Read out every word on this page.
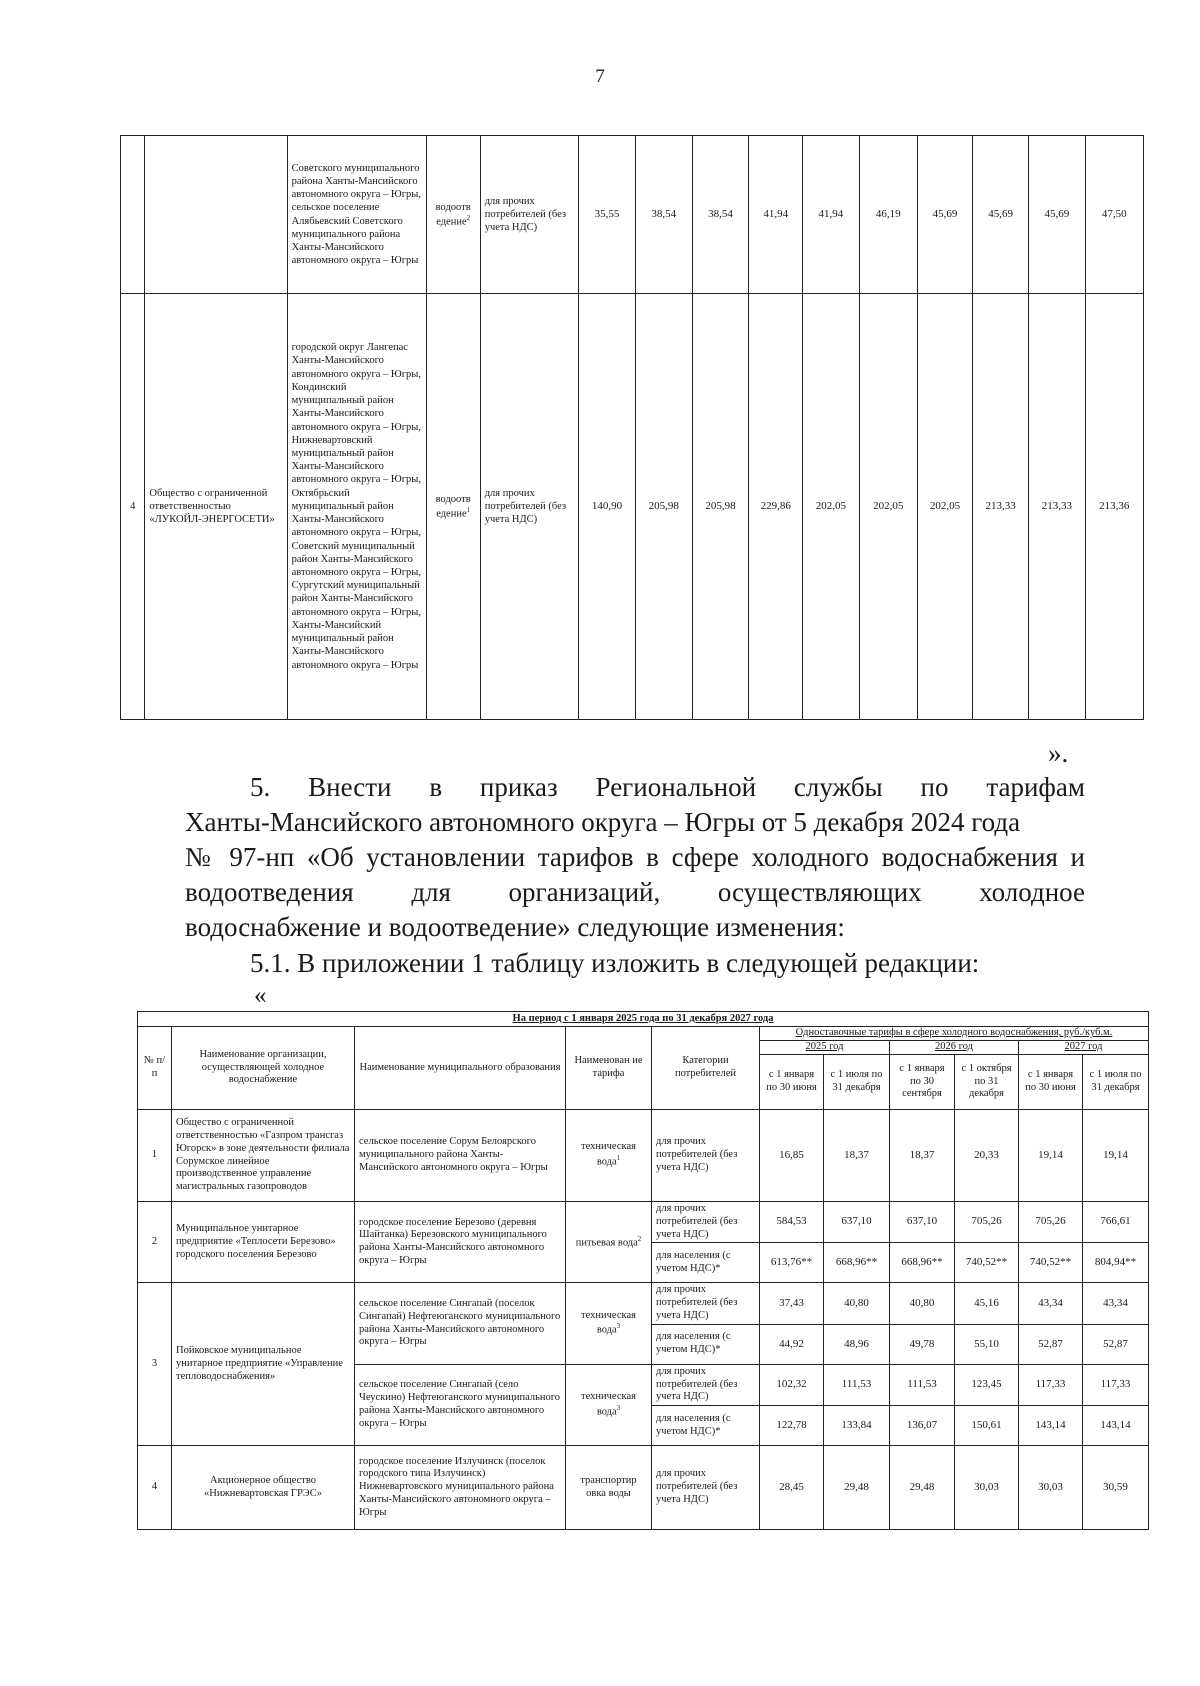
7
		Советского муниципального района Ханты-Мансийского автономного округа – Югры, сельское поселение Алябьевский Советского муниципального района Ханты-Мансийского автономного округа – Югры	водоотв едение$^2$	для прочих потребителей (без учета НДС)	35,55	38,54	38,54	41,94	41,94	46,19	45,69	45,69	45,69	47,50
4	Общество с ограниченной ответственностью «ЛУКОЙЛ-ЭНЕРГОСЕТИ»	городской округ Лангепас Ханты-Мансийского автономного округа – Югры, Кондинский муниципальный район Ханты-Мансийского автономного округа – Югры, Нижневартовский муниципальный район Ханты-Мансийского автономного округа – Югры, Октябрьский муниципальный район Ханты-Мансийского автономного округа – Югры, Советский муниципальный район Ханты-Мансийского автономного округа – Югры, Сургутский муниципальный район Ханты-Мансийского автономного округа – Югры, Ханты-Мансийский муниципальный район Ханты-Мансийского автономного округа – Югры	водоотв едение$^1$	для прочих потребителей (без учета НДС)	140,90	205,98	205,98	229,86	202,05	202,05	202,05	213,33	213,33	213,36
».
5. Внести в приказ Региональной службы по тарифам
Ханты-Мансийского автономного округа – Югры от 5 декабря 2024 года
№ 97-нп «Об установлении тарифов в сфере холодного водоснабжения и
водоотведения для организаций, осуществляющих холодное
водоснабжение и водоотведение» следующие изменения:
5.1. В приложении 1 таблицу изложить в следующей редакции:
«
На период с 1 января 2025 года по 31 декабря 2027 года										
№ п/п	Наименование организации, осуществляющей холодное водоснабжение	Наименование муниципального образования	Наименован ие тарифа	Категории потребителей	Одноставочные тарифы в сфере холодного водоснабжения, руб./куб.м.					
					2025 год		2026 год		2027 год	
					с 1 января по 30 июня	с 1 июля по 31 декабря	с 1 января по 30 сентября	с 1 октября по 31 декабря	с 1 января по 30 июня	с 1 июля по 31 декабря
1	Общество с ограниченной ответственностью «Газпром трансгаз Югорск» в зоне деятельности филиала Сорумское линейное производственное управление магистральных газопроводов	сельское поселение Сорум Белоярского муниципального района Ханты-Мансийского автономного округа – Югры	техническая вода$^1$	для прочих потребителей (без учета НДС)	16,85	18,37	18,37	20,33	19,14	19,14
2	Муниципальное унитарное предприятие «Теплосети Березово» городского поселения Березово	городское поселение Березово (деревня Шайтанка) Березовского муниципального района Ханты-Мансийского автономного округа – Югры	питьевая вода$^2$	для прочих потребителей (без учета НДС)	584,53	637,10	637,10	705,26	705,26	766,61
				для населения (с учетом НДС)*	613,76**	668,96**	668,96**	740,52**	740,52**	804,94**
3	Пойковское муниципальное унитарное предприятие «Управление тепловодоснабжения»	сельское поселение Сингапай (поселок Сингапай) Нефтеюганского муниципального района Ханты-Мансийского автономного округа – Югры	техническая вода$^3$	для прочих потребителей (без учета НДС)	37,43	40,80	40,80	45,16	43,34	43,34
				для населения (с учетом НДС)*	44,92	48,96	49,78	55,10	52,87	52,87
		сельское поселение Сингапай (село Чеускино) Нефтеюганского муниципального района Ханты-Мансийского автономного округа – Югры	техническая вода$^3$	для прочих потребителей (без учета НДС)	102,32	111,53	111,53	123,45	117,33	117,33
				для населения (с учетом НДС)*	122,78	133,84	136,07	150,61	143,14	143,14
4	Акционерное общество «Нижневартовская ГРЭС»	городское поселение Излучинск (поселок городского типа Излучинск) Нижневартовского муниципального района Ханты-Мансийского автономного округа – Югры	транспортир овка воды	для прочих потребителей (без учета НДС)	28,45	29,48	29,48	30,03	30,03	30,59
